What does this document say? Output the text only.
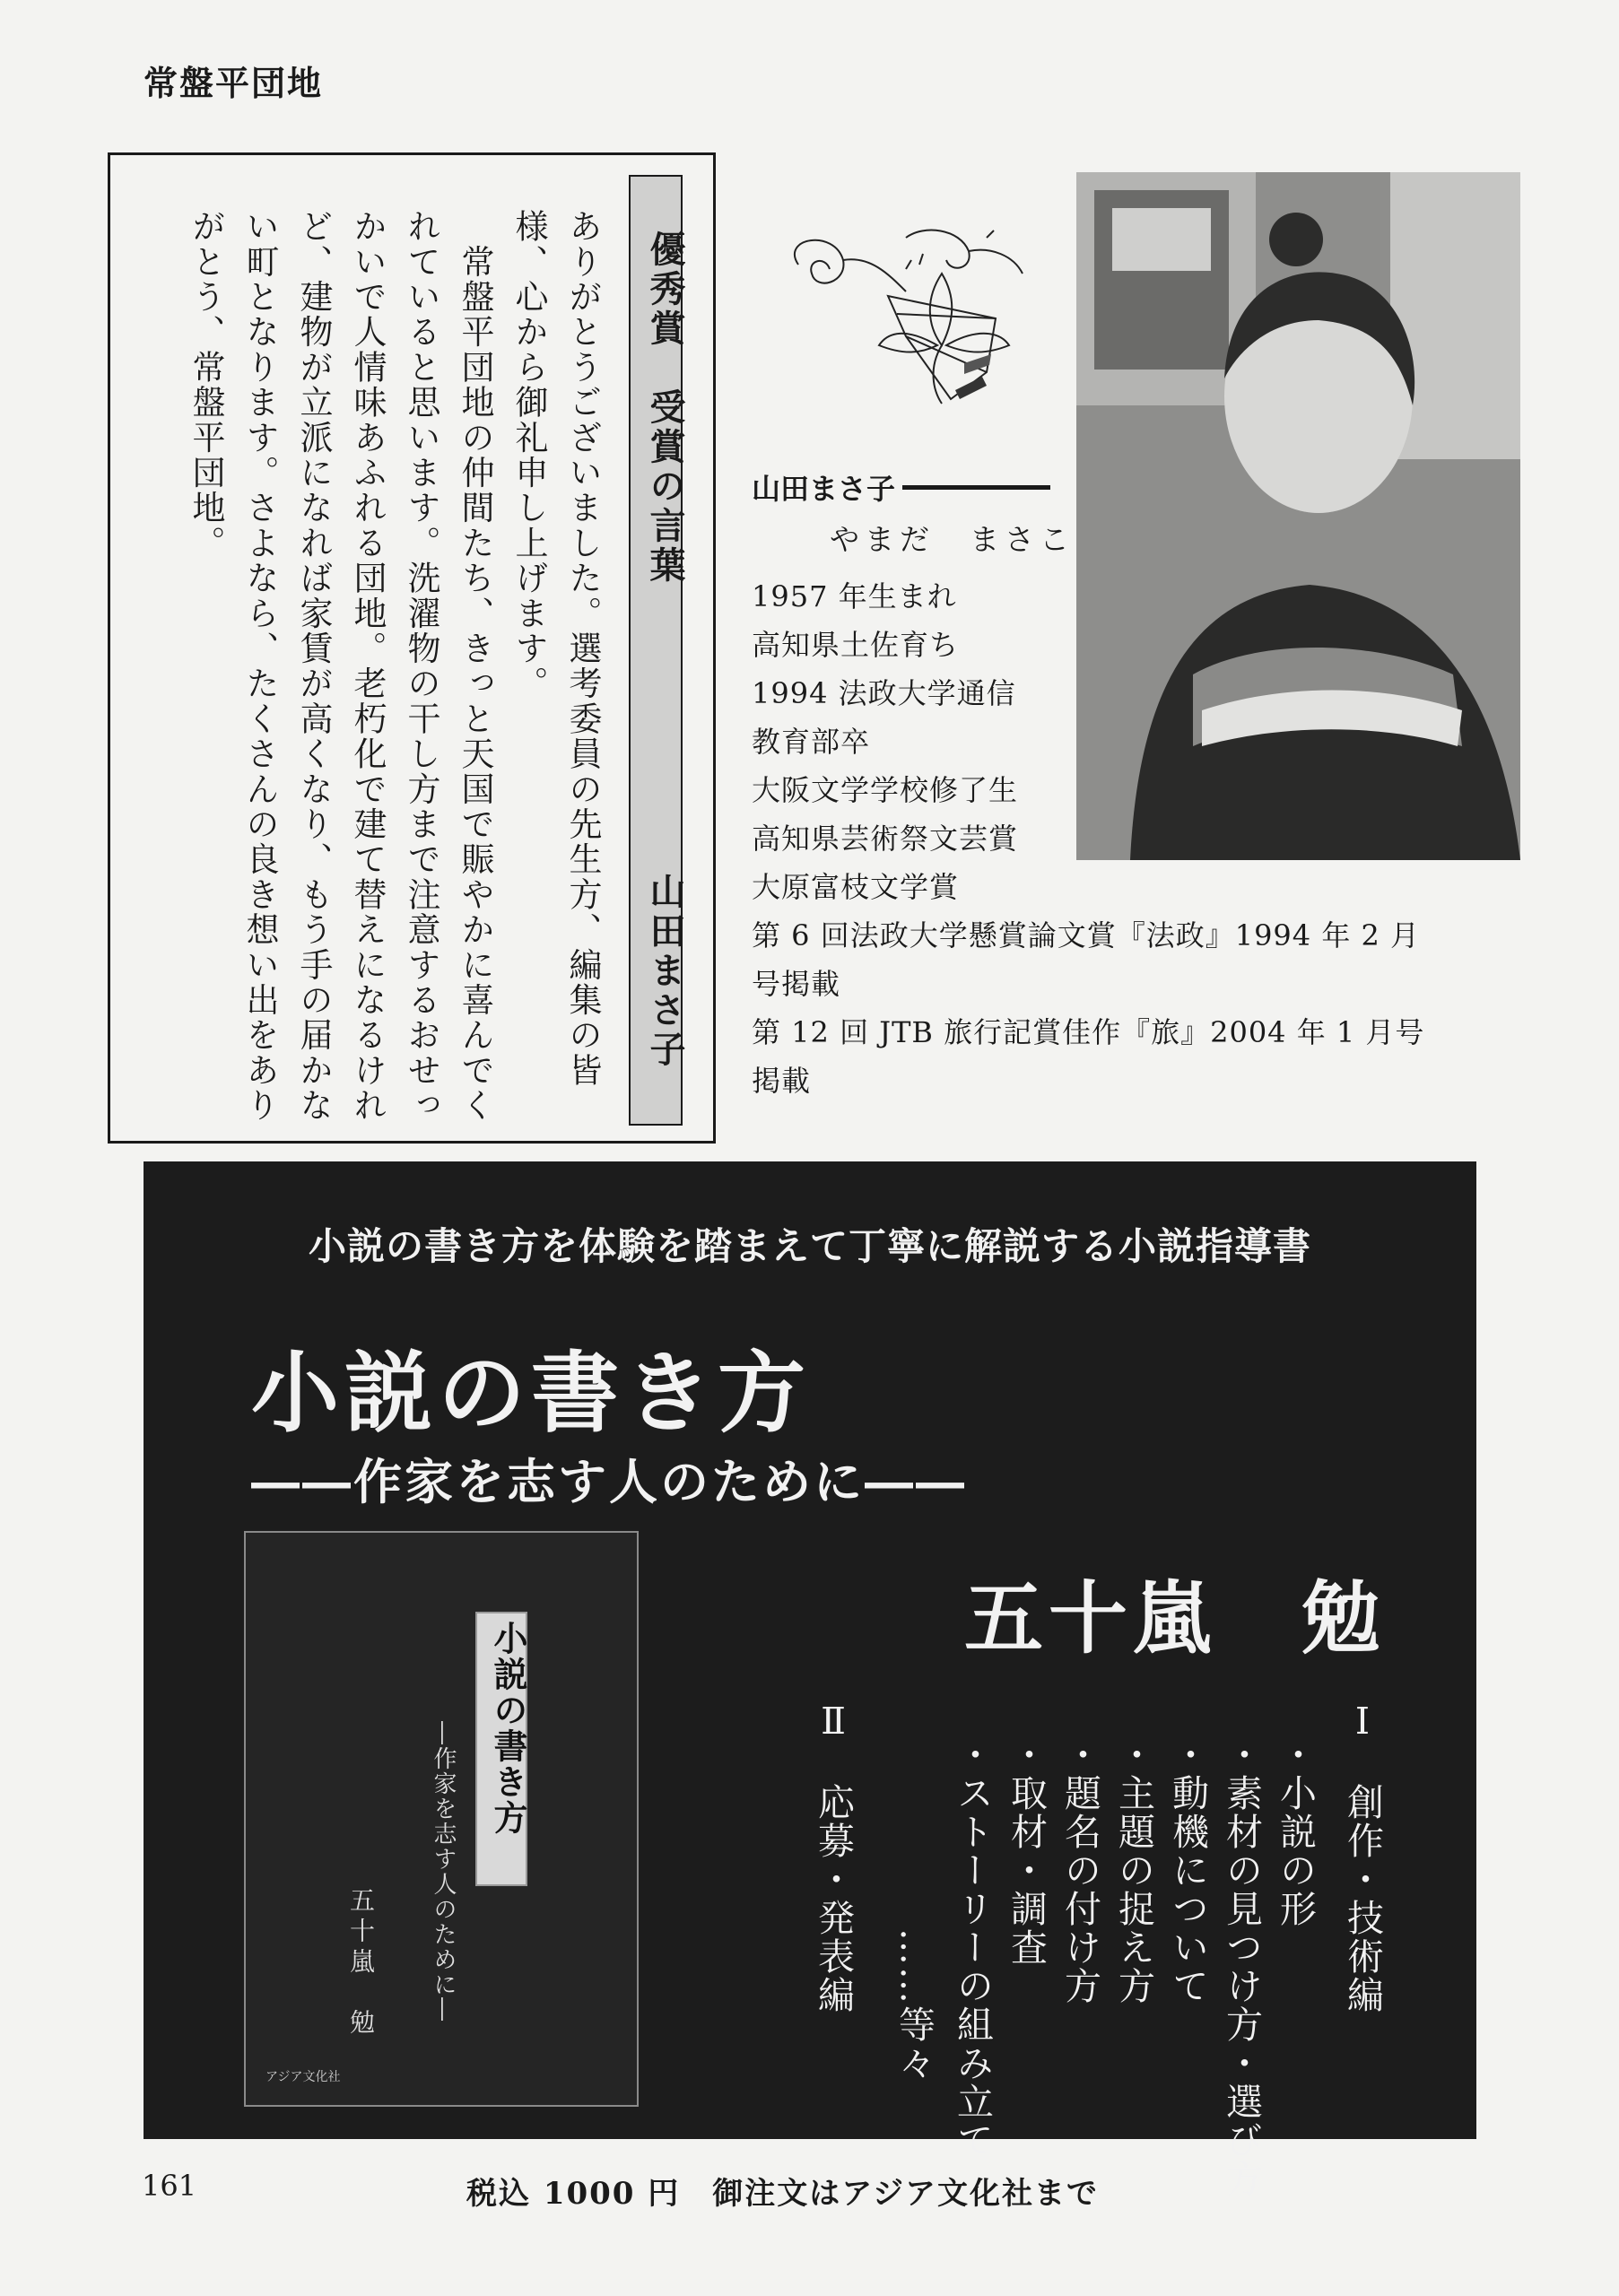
常盤平団地
優秀賞　受賞の言葉
山田まさ子
ありがとうございました。選考委員の先生方、編集の皆
様、心から御礼申し上げます。
　常盤平団地の仲間たち、きっと天国で賑やかに喜んでく
れていると思います。洗濯物の干し方まで注意するおせっ
かいで人情味あふれる団地。老朽化で建て替えになるけれ
ど、建物が立派になれば家賃が高くなり、もう手の届かな
い町となります。さよなら、たくさんの良き想い出をあり
がとう、常盤平団地。	山田まさ子
やまだ　まさこ
1957 年生まれ
高知県土佐育ち
1994 法政大学通信
教育部卒
大阪文学学校修了生
高知県芸術祭文芸賞
大原富枝文学賞
第 6 回法政大学懸賞論文賞『法政』1994 年 2 月
号掲載
第 12 回 JTB 旅行記賞佳作『旅』2004 年 1 月号
掲載
小説の書き方を体験を踏まえて丁寧に解説する小説指導書
小説の書き方
――作家を志す人のために――
五十嵐　勉
小説の書き方
―作家を志す人のために―
五十嵐　勉
アジア文化社
Ⅰ　創作・技術編
・小説の形
・素材の見つけ方・選び方
・動機について
・主題の捉え方
・題名の付け方
・取材・調査
・ストーリーの組み立て
　　　　　……等々
Ⅱ　応募・発表編
161	税込 1000 円　御注文はアジア文化社まで
